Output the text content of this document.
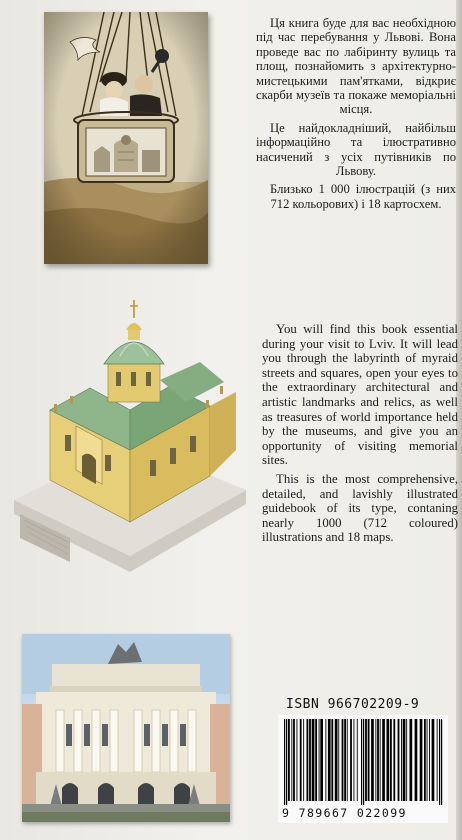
Ця книга буде для вас необхідною під час перебування у Львові. Вона проведе вас по лабіринту вулиць та площ, познайомить з архітектурно-мистецькими пам'ятками, відкриє скарби музеїв та покаже меморіальні місця.

Це найдокладніший, найбільш інформаційно та ілюстративно насичений з усіх путівників по Львову.

Близько 1 000 ілюстрацій (з них 712 кольорових) і 18 картосхем.

You will find this book essential during your visit to Lviv. It will lead you through the labyrinth of myraid streets and squares, open your eyes to the extraordinary architectural and artistic landmarks and relics, as well as treasures of world importance held by the museums, and give you an opportunity of visiting memorial sites.

This is the most comprehensive, detailed, and lavishly illustrated guidebook of its type, contaning nearly 1000 (712 coloured) illustrations and 18 maps.

ISBN 966702209-9
9 789667 022099
